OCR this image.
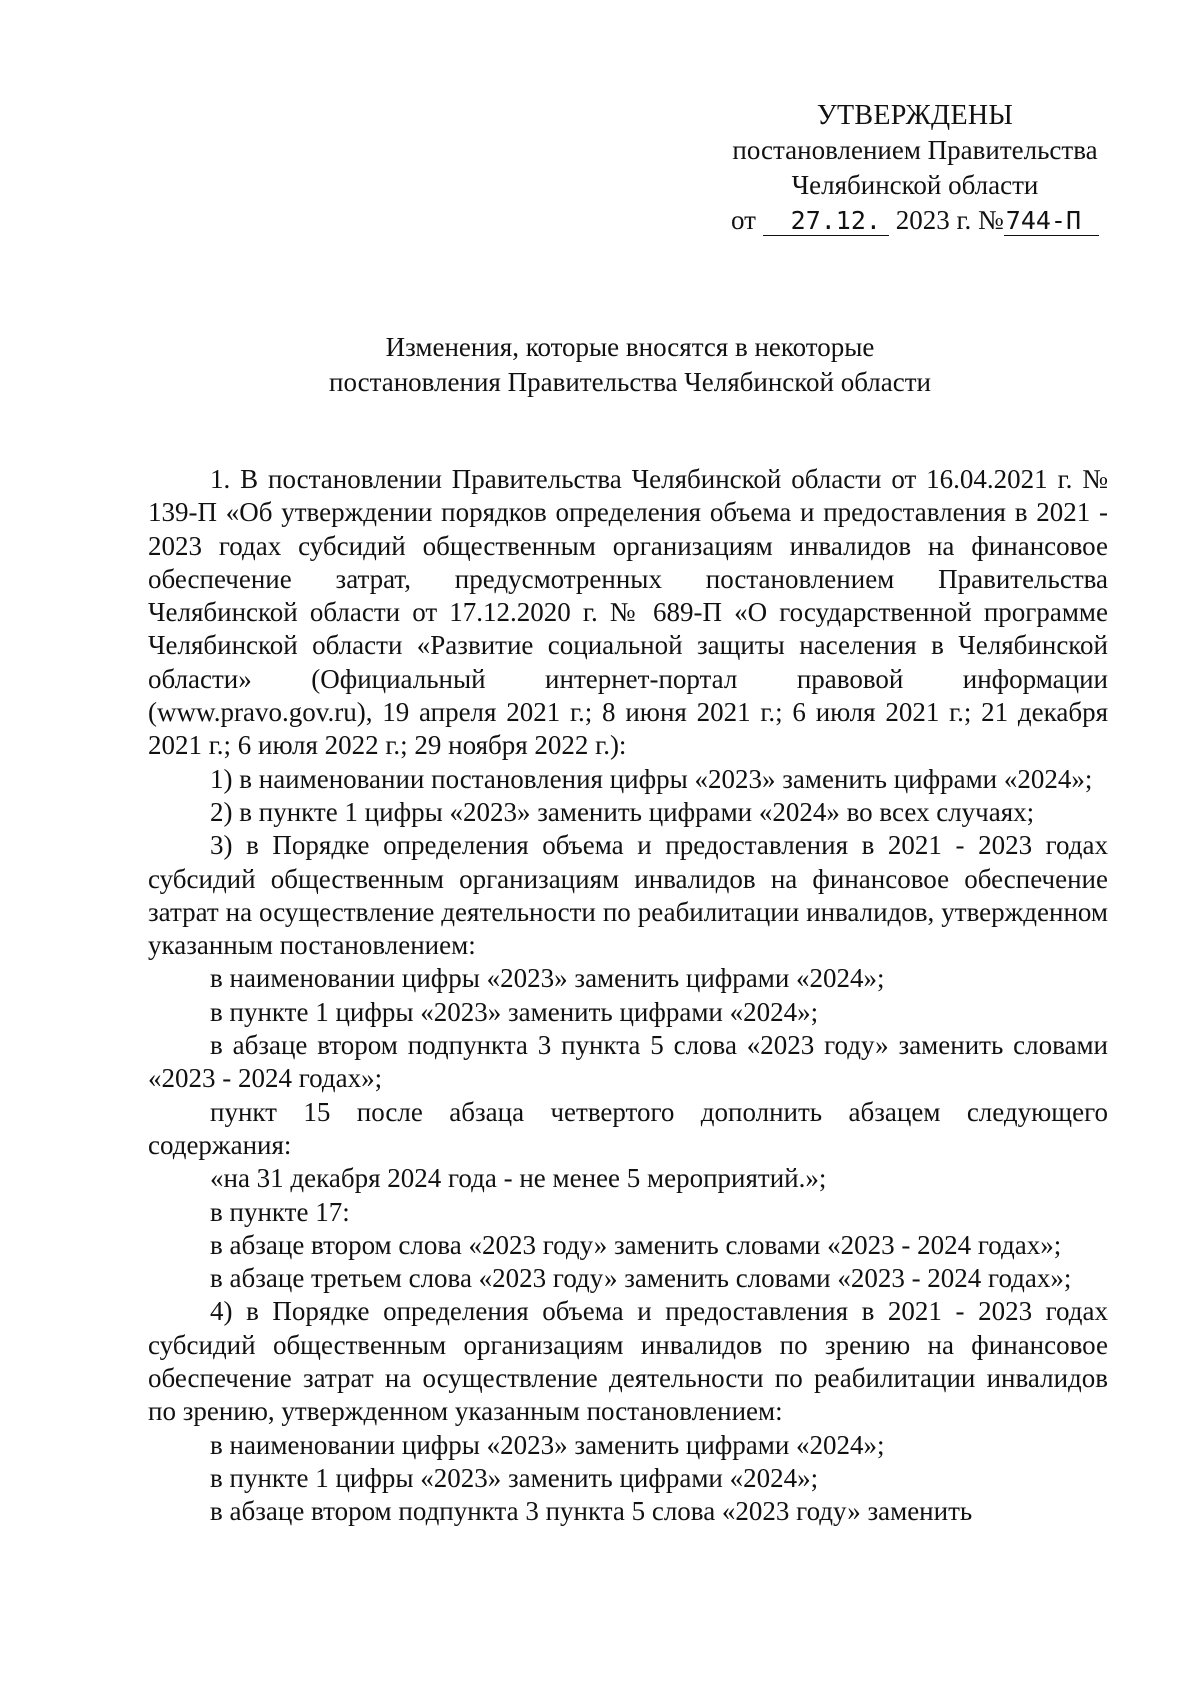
УТВЕРЖДЕНЫ
постановлением Правительства
Челябинской области
от 27.12. 2023 г. №744-П
Изменения, которые вносятся в некоторые
постановления Правительства Челябинской области

1. В постановлении Правительства Челябинской области от 16.04.2021 г. № 139-П «Об утверждении порядков определения объема и предоставления в 2021 - 2023 годах субсидий общественным организациям инвалидов на финансовое обеспечение затрат, предусмотренных постановлением Правительства Челябинской области от 17.12.2020 г. № 689-П «О государственной программе Челябинской области «Развитие социальной защиты населения в Челябинской области» (Официальный интернет-портал правовой информации (www.pravo.gov.ru), 19 апреля 2021 г.; 8 июня 2021 г.; 6 июля 2021 г.; 21 декабря 2021 г.; 6 июля 2022 г.; 29 ноября 2022 г.):

1) в наименовании постановления цифры «2023» заменить цифрами «2024»;

2) в пункте 1 цифры «2023» заменить цифрами «2024» во всех случаях;

3) в Порядке определения объема и предоставления в 2021 - 2023 годах субсидий общественным организациям инвалидов на финансовое обеспечение затрат на осуществление деятельности по реабилитации инвалидов, утвержденном указанным постановлением:

в наименовании цифры «2023» заменить цифрами «2024»;

в пункте 1 цифры «2023» заменить цифрами «2024»;

в абзаце втором подпункта 3 пункта 5 слова «2023 году» заменить словами «2023 - 2024 годах»;

пункт 15 после абзаца четвертого дополнить абзацем следующего содержания:

«на 31 декабря 2024 года - не менее 5 мероприятий.»;

в пункте 17:

в абзаце втором слова «2023 году» заменить словами «2023 - 2024 годах»;

в абзаце третьем слова «2023 году» заменить словами «2023 - 2024 годах»;

4) в Порядке определения объема и предоставления в 2021 - 2023 годах субсидий общественным организациям инвалидов по зрению на финансовое обеспечение затрат на осуществление деятельности по реабилитации инвалидов по зрению, утвержденном указанным постановлением:

в наименовании цифры «2023» заменить цифрами «2024»;

в пункте 1 цифры «2023» заменить цифрами «2024»;

в абзаце втором подпункта 3 пункта 5 слова «2023 году» заменить
